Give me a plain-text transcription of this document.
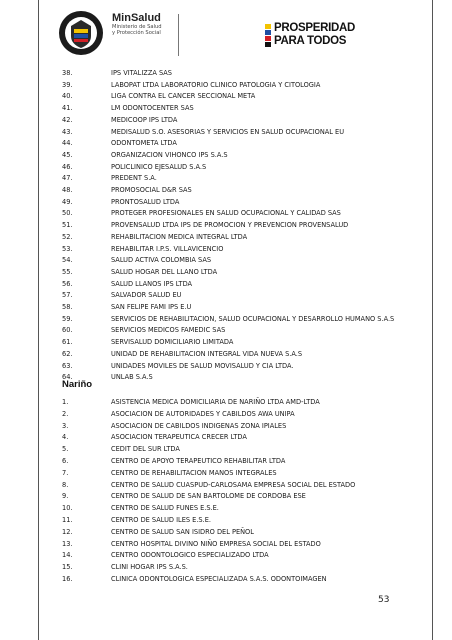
MinSalud
Ministerio de Salud
y Protección Social	PROSPERIDAD
PARA TODOS
38.	IPS VITALIZZA SAS
39.	LABOPAT LTDA LABORATORIO CLINICO PATOLOGIA Y CITOLOGIA
40.	LIGA CONTRA EL CANCER SECCIONAL META
41.	LM ODONTOCENTER SAS
42.	MEDICOOP IPS LTDA
43.	MEDISALUD S.O. ASESORIAS Y SERVICIOS EN SALUD OCUPACIONAL EU
44.	ODONTOMETA LTDA
45.	ORGANIZACION VIHONCO IPS S.A.S
46.	POLICLINICO EJESALUD S.A.S
47.	PREDENT S.A.
48.	PROMOSOCIAL D&R SAS
49.	PRONTOSALUD LTDA
50.	PROTEGER PROFESIONALES EN SALUD OCUPACIONAL Y CALIDAD SAS
51.	PROVENSALUD LTDA IPS DE PROMOCION Y PREVENCION PROVENSALUD
52.	REHABILITACION MEDICA INTEGRAL LTDA
53.	REHABILITAR I.P.S. VILLAVICENCIO
54.	SALUD ACTIVA COLOMBIA SAS
55.	SALUD HOGAR DEL LLANO LTDA
56.	SALUD LLANOS IPS LTDA
57.	SALVADOR SALUD EU
58.	SAN FELIPE FAMI IPS E.U
59.	SERVICIOS DE REHABILITACION, SALUD OCUPACIONAL Y DESARROLLO HUMANO S.A.S
60.	SERVICIOS MEDICOS FAMEDIC SAS
61.	SERVISALUD DOMICILIARIO LIMITADA
62.	UNIDAD DE REHABILITACION INTEGRAL VIDA NUEVA S.A.S
63.	UNIDADES MOVILES DE SALUD MOVISALUD Y CIA LTDA.
64.	UNLAB S.A.S
Nariño
1.	ASISTENCIA MEDICA DOMICILIARIA DE NARIÑO LTDA AMD-LTDA
2.	ASOCIACION DE AUTORIDADES Y CABILDOS AWA UNIPA
3.	ASOCIACION DE CABILDOS INDIGENAS ZONA IPIALES
4.	ASOCIACION TERAPEUTICA CRECER LTDA
5.	CEDIT DEL SUR LTDA
6.	CENTRO DE APOYO TERAPEUTICO REHABILITAR LTDA
7.	CENTRO DE REHABILITACION MANOS INTEGRALES
8.	CENTRO DE SALUD CUASPUD-CARLOSAMA EMPRESA SOCIAL DEL ESTADO
9.	CENTRO DE SALUD DE SAN BARTOLOME DE CORDOBA ESE
10.	CENTRO DE SALUD FUNES E.S.E.
11.	CENTRO DE SALUD ILES E.S.E.
12.	CENTRO DE SALUD SAN ISIDRO DEL PEÑOL
13.	CENTRO HOSPITAL DIVINO NIÑO EMPRESA SOCIAL DEL ESTADO
14.	CENTRO ODONTOLOGICO ESPECIALIZADO LTDA
15.	CLINI HOGAR IPS S.A.S.
16.	CLINICA ODONTOLOGICA ESPECIALIZADA S.A.S. ODONTOIMAGEN
53
